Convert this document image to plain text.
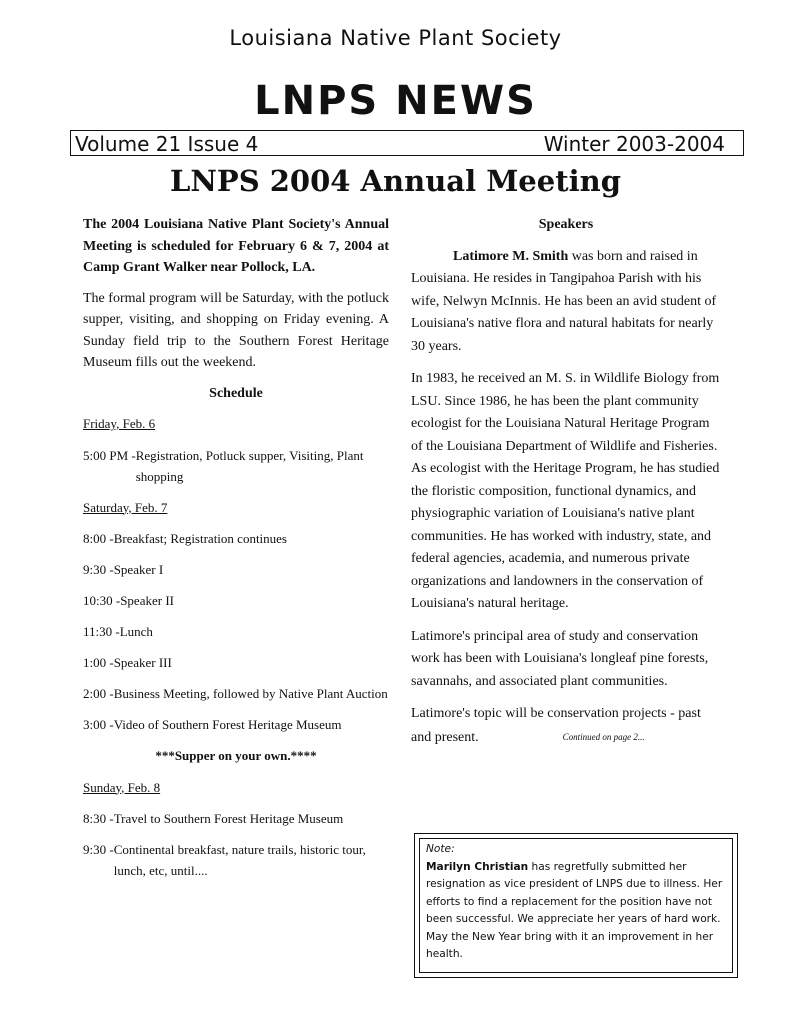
Louisiana Native Plant Society
LNPS NEWS
Volume 21 Issue 4	Winter 2003-2004
LNPS 2004 Annual Meeting

The 2004 Louisiana Native Plant Society's Annual Meeting is scheduled for February 6 & 7, 2004 at Camp Grant Walker near Pollock, LA.

The formal program will be Saturday, with the potluck supper, visiting, and shopping on Friday evening. A Sunday field trip to the Southern Forest Heritage Museum fills out the weekend.

Schedule
Friday, Feb. 6
5:00 PM - Registration, Potluck supper, Visiting, Plant shopping
Saturday, Feb. 7
8:00 - Breakfast; Registration continues
9:30 - Speaker I
10:30 - Speaker II
11:30 - Lunch
1:00 - Speaker III
2:00 - Business Meeting, followed by Native Plant Auction
3:00 - Video of Southern Forest Heritage Museum
***Supper on your own.****
Sunday, Feb. 8
8:30 - Travel to Southern Forest Heritage Museum
9:30 - Continental breakfast, nature trails, historic tour, lunch, etc, until....
Speakers

Latimore M. Smith was born and raised in Louisiana. He resides in Tangipahoa Parish with his wife, Nelwyn McInnis. He has been an avid student of Louisiana's native flora and natural habitats for nearly 30 years.

In 1983, he received an M. S. in Wildlife Biology from LSU. Since 1986, he has been the plant community ecologist for the Louisiana Natural Heritage Program of the Louisiana Department of Wildlife and Fisheries. As ecologist with the Heritage Program, he has studied the floristic composition, functional dynamics, and physiographic variation of Louisiana's native plant communities. He has worked with industry, state, and federal agencies, academia, and numerous private organizations and landowners in the conservation of Louisiana's natural heritage.

Latimore's principal area of study and conservation work has been with Louisiana's longleaf pine forests, savannahs, and associated plant communities.

Latimore's topic will be conservation projects - past and present.	Continued on page 2...

Note:
Marilyn Christian has regretfully submitted her resignation as vice president of LNPS due to illness. Her efforts to find a replacement for the position have not been successful. We appreciate her years of hard work. May the New Year bring with it an improvement in her health.
